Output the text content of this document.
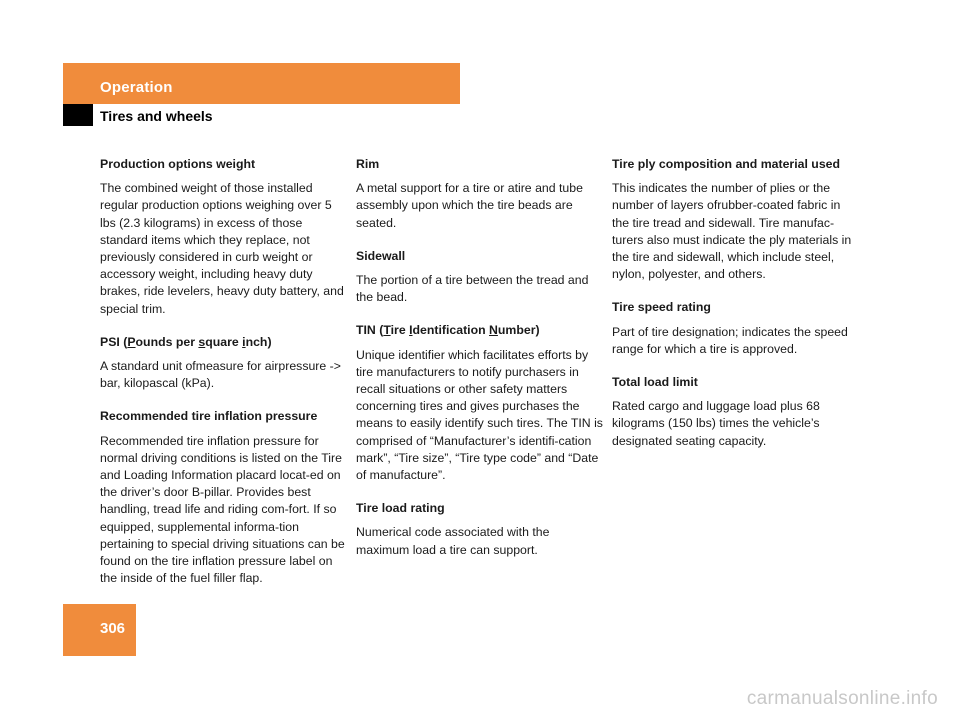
Operation
Tires and wheels

Production options weight

The combined weight of those installed regular production options weighing over 5 lbs (2.3 kilograms) in excess of those standard items which they replace, not previously considered in curb weight or accessory weight, including heavy duty brakes, ride levelers, heavy duty battery, and special trim.

PSI (Pounds per square inch)

A standard unit ofmeasure for airpressure -> bar, kilopascal (kPa).

Recommended tire inflation pressure

Recommended tire inflation pressure for normal driving conditions is listed on the Tire and Loading Information placard locat-ed on the driver’s door B-pillar. Provides best handling, tread life and riding com-fort. If so equipped, supplemental informa-tion pertaining to special driving situations can be found on the tire inflation pressure label on the inside of the fuel filler flap.

Rim

A metal support for a tire or atire and tube assembly upon which the tire beads are seated.

Sidewall

The portion of a tire between the tread and the bead.

TIN (Tire Identification Number)

Unique identifier which facilitates efforts by tire manufacturers to notify purchasers in recall situations or other safety matters concerning tires and gives purchases the means to easily identify such tires. The TIN is comprised of “Manufacturer’s identifi-cation mark”, “Tire size”, “Tire type code” and “Date of manufacture”.

Tire load rating

Numerical code associated with the maximum load a tire can support.

Tire ply composition and material used

This indicates the number of plies or the number of layers ofrubber-coated fabric in the tire tread and sidewall. Tire manufac-turers also must indicate the ply materials in the tire and sidewall, which include steel, nylon, polyester, and others.

Tire speed rating

Part of tire designation; indicates the speed range for which a tire is approved.

Total load limit

Rated cargo and luggage load plus 68 kilograms (150 lbs) times the vehicle’s designated seating capacity.

306
carmanualsonline.info
